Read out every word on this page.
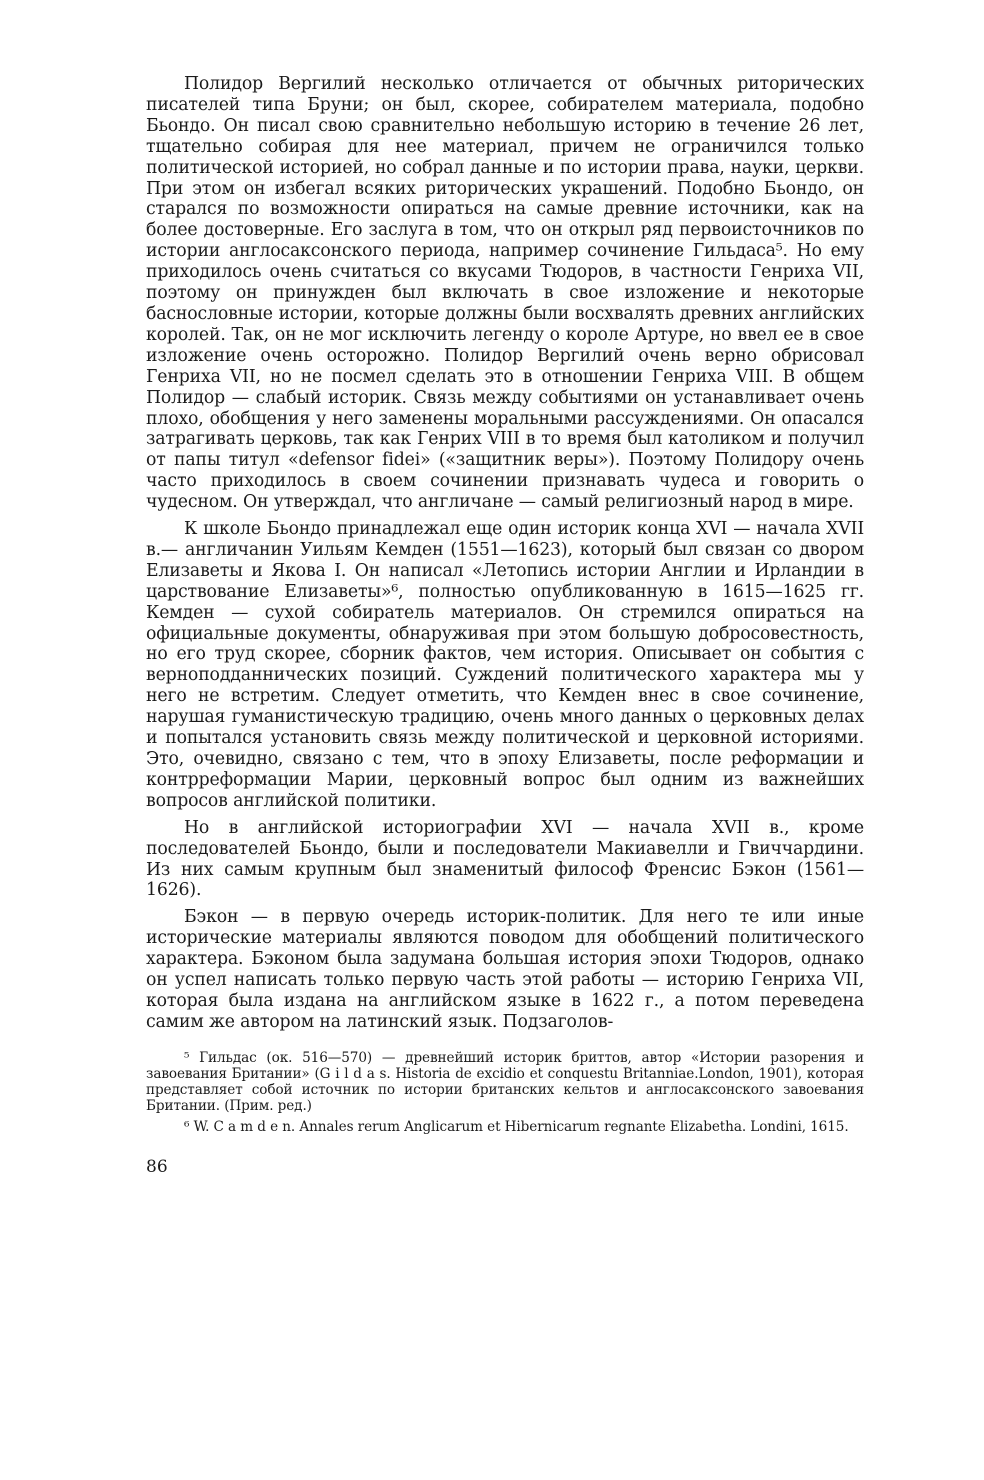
Полидор Вергилий несколько отличается от обычных риторических писателей типа Бруни; он был, скорее, собирателем материала, подобно Бьондо. Он писал свою сравнительно небольшую историю в течение 26 лет, тщательно собирая для нее материал, причем не ограничился только политической историей, но собрал данные и по истории права, науки, церкви. При этом он избегал всяких риторических украшений. Подобно Бьондо, он старался по возможности опираться на самые древние источники, как на более достоверные. Его заслуга в том, что он открыл ряд первоисточников по истории англосаксонского периода, например сочинение Гильдаса⁵. Но ему приходилось очень считаться со вкусами Тюдоров, в частности Генриха VII, поэтому он принужден был включать в свое изложение и некоторые баснословные истории, которые должны были восхвалять древних английских королей. Так, он не мог исключить легенду о короле Артуре, но ввел ее в свое изложение очень осторожно. Полидор Вергилий очень верно обрисовал Генриха VII, но не посмел сделать это в отношении Генриха VIII. В общем Полидор — слабый историк. Связь между событиями он устанавливает очень плохо, обобщения у него заменены моральными рассуждениями. Он опасался затрагивать церковь, так как Генрих VIII в то время был католиком и получил от папы титул «defensor fidei» («защитник веры»). Поэтому Полидору очень часто приходилось в своем сочинении признавать чудеса и говорить о чудесном. Он утверждал, что англичане — самый религиозный народ в мире.

К школе Бьондо принадлежал еще один историк конца XVI — начала XVII в.— англичанин Уильям Кемден (1551—1623), который был связан со двором Елизаветы и Якова I. Он написал «Летопись истории Англии и Ирландии в царствование Елизаветы»⁶, полностью опубликованную в 1615—1625 гг. Кемден — сухой собиратель материалов. Он стремился опираться на официальные документы, обнаруживая при этом большую добросовестность, но его труд скорее, сборник фактов, чем история. Описывает он события с верноподданнических позиций. Суждений политического характера мы у него не встретим. Следует отметить, что Кемден внес в свое сочинение, нарушая гуманистическую традицию, очень много данных о церковных делах и попытался установить связь между политической и церковной историями. Это, очевидно, связано с тем, что в эпоху Елизаветы, после реформации и контрреформации Марии, церковный вопрос был одним из важнейших вопросов английской политики.

Но в английской историографии XVI — начала XVII в., кроме последователей Бьондо, были и последователи Макиавелли и Гвиччардини. Из них самым крупным был знаменитый философ Френсис Бэкон (1561—1626).

Бэкон — в первую очередь историк-политик. Для него те или иные исторические материалы являются поводом для обобщений политического характера. Бэконом была задумана большая история эпохи Тюдоров, однако он успел написать только первую часть этой работы — историю Генриха VII, которая была издана на английском языке в 1622 г., а потом переведена самим же автором на латинский язык. Подзаголов-

⁵ Гильдас (ок. 516—570) — древнейший историк бриттов, автор «Истории разорения и завоевания Британии» (G i l d a s. Historia de excidio et conquestu Britanniae.London, 1901), которая представляет собой источник по истории британских кельтов и англосаксонского завоевания Британии. (Прим. ред.)

⁶ W. C a m d e n. Annales rerum Anglicarum et Hibernicarum regnante Elizabetha. Londini, 1615.

86
